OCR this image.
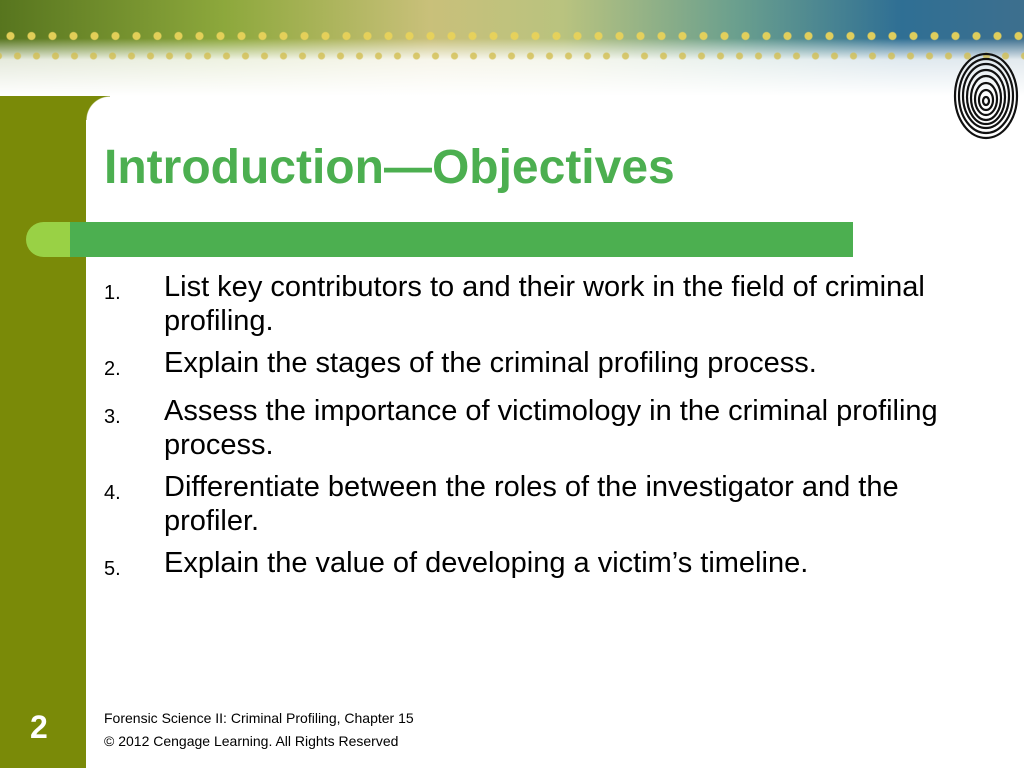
Introduction—Objectives
1.	List key contributors to and their work in the field of criminal profiling.
2.	Explain the stages of the criminal profiling process.
3.	Assess the importance of victimology in the criminal profiling process.
4.	Differentiate between the roles of the investigator and the profiler.
5.	Explain the value of developing a victim’s timeline.
2	Forensic Science II: Criminal Profiling, Chapter 15
© 2012 Cengage Learning. All Rights Reserved
